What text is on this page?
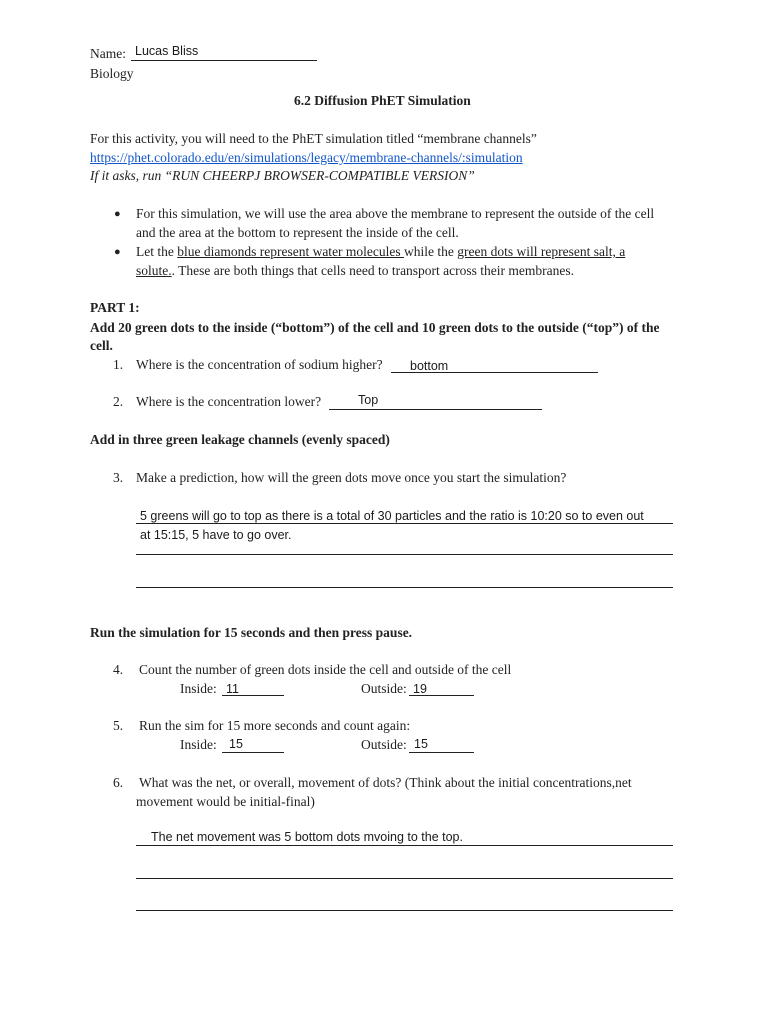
Name: Lucas Bliss
Biology
6.2 Diffusion PhET Simulation
For this activity, you will need to the PhET simulation titled “membrane channels”
https://phet.colorado.edu/en/simulations/legacy/membrane-channels/:simulation
If it asks, run “RUN CHEERPJ BROWSER-COMPATIBLE VERSION”
● For this simulation, we will use the area above the membrane to represent the outside of the cell
and the area at the bottom to represent the inside of the cell.
● Let the blue diamonds represent water molecules while the green dots will represent salt, a
solute.. These are both things that cells need to transport across their membranes.
PART 1:
Add 20 green dots to the inside (“bottom”) of the cell and 10 green dots to the outside (“top”) of the
cell.
1. Where is the concentration of sodium higher? bottom
2. Where is the concentration lower?	Top
Add in three green leakage channels (evenly spaced)
3. Make a prediction, how will the green dots move once you start the simulation?
5 greens will go to top as there is a total of 30 particles and the ratio is 10:20 so to even out
at 15:15, 5 have to go over.
Run the simulation for 15 seconds and then press pause.
4. Count the number of green dots inside the cell and outside of the cell
Inside: 11	Outside: 19
5. Run the sim for 15 more seconds and count again:
Inside: 15	Outside: 15
6. What was the net, or overall, movement of dots? (Think about the initial concentrations,net
movement would be initial-final)
The net movement was 5 bottom dots mvoing to the top.
